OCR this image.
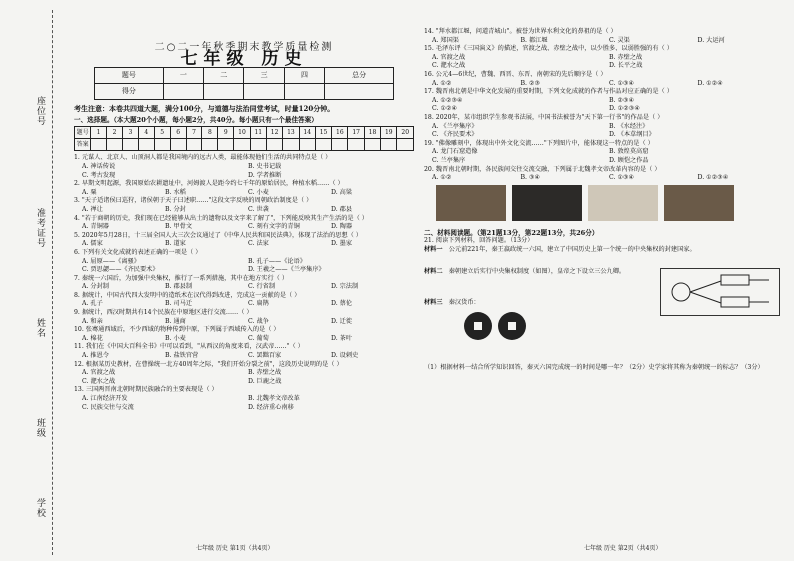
座位号
准考证号
姓名
班级
学校
二○二一年秋季期末教学质量检测
七年级 历史
题号	一	二	三	四	总分
得分					
考生注意：本卷共四道大题，满分100分，与道德与法治同堂考试，时量120分钟。
一、选择题。（本大题20个小题，每小题2分，共40分。每小题只有一个最佳答案）
题号	1	2	3	4	5	6	7	8	9	10	11	12	13	14	15	16	17	18	19	20
答案																				
1. 元谋人、北京人、山顶洞人都是我国境内的远古人类，最能体现他们生活的共同特点是（ ）
A. 神话传说	B. 史书记载
C. 考古发现	D. 学者推断
2. 早期文明起源，我国原始农耕遗址中，河姆渡人是距今约七千年的原始居民，种植水稻……（ ）
A. 粟	B. 水稻	C. 小麦	D. 高粱
3. "天子适诸侯曰巡狩，诸侯朝于天子曰述职……"这段文字反映的周朝政治制度是（ ）
A. 禅让	B. 分封	C. 世袭	D. 郡县
4. "若于商朝的历史，我们现在已经能够从出土的遗物以及文字来了解了"，下列能反映其生产生活的是（ ）
A. 青铜器	B. 甲骨文	C. 刻有文字的青铜	D. 陶器
5. 2020年5月28日，十三届全国人大三次会议通过了《中华人民共和国民法典》，体现了法治的思想（ ）
A. 儒家	B. 道家	C. 法家	D. 墨家
6. 下列有关文化成就的表述正确的一项是（ ）
A. 屈原——《离骚》	B. 孔子——《论语》
C. 贾思勰——《齐民要术》	D. 王羲之——《兰亭集序》
7. 秦统一六国后，为加强中央集权，推行了一系列措施，其中在地方实行（ ）
A. 分封制	B. 郡县制	C. 行省制	D. 宗法制
8. 据统计，中国古代四大发明中的造纸术在汉代得到改进，完成这一贡献的是（ ）
A. 孔子	B. 司马迁	C. 扁鹊	D. 蔡伦
9. 据统计，西汉时期共有14个民族在中原地区进行交流……（ ）
A. 和亲	B. 通商	C. 战争	D. 迁徙
10. 张骞通西域后，不少西域的物种传到中原，下列属于西域传入的是（ ）
A. 棉花	B. 小麦	C. 葡萄	D. 茶叶
11. 我们在《中国大百科全书》中可以看到，"从西汉的角度来看，汉武帝……"（ ）
A. 推恩令	B. 盐铁官营	C. 罢黜百家	D. 设刺史
12. 根据某历史教材，在曹操统一北方40周年之际，"我们开始分裂之前"，这段历史说明的是（ ）
A. 官渡之战	B. 赤壁之战
C. 淝水之战	D. 巨鹿之战
13. 三国两晋南北朝时期民族融合的主要表现是（ ）
A. 江南经济开发	B. 北魏孝文帝改革
C. 民族交往与交流	D. 经济重心南移
14. "拜水都江堰，问道青城山"。被誉为世界水利文化的鼻祖的是（ ）
A. 郑国渠	B. 都江堰	C. 灵渠	D. 大运河
15. 毛泽东评《三国演义》的描述，官渡之战、赤壁之战中，以少胜多、以弱胜强的有（ ）
A. 官渡之战	B. 赤壁之战
C. 淝水之战	D. 长平之战
16. 公元4—6世纪，曹魏、西晋、东晋、南朝宋的先后顺序是（ ）
A. ①②	B. ②③	C. ①③④	D. ①②④
17. 魏晋南北朝是中华文化发展的重要时期，下列文化成就的作者与作品对应正确的是（ ）
A. ①②③④	B. ②③④
C. ①②④	D. ①②③④
18. 2020年，某市组织学生参观书法展，中国书法被誉为"天下第一行书"的作品是（ ）
A. 《兰亭集序》	B. 《水经注》
C. 《齐民要术》	D. 《本草纲目》
19. "佛像雕刻中，体现出中外文化交流……"下列图片中，能体现这一特点的是（ ）
A. 龙门石窟造像	B. 敦煌莫高窟
C. 兰亭集序	D. 顾恺之作品
20. 魏晋南北朝时期，各民族间交往交流交融，下列属于北魏孝文帝改革内容的是（ ）
A. ①②	B. ③④	C. ①③④	D. ①②③④
二、材料阅读题。（第21题13分，第22题13分，共26分）
21. 阅读下列材料，回答问题。（13分）
材料一　 公元前221年，秦王嬴政统一六国，建立了中国历史上第一个统一的中央集权的封建国家。
材料二　 秦朝建立后实行中央集权制度（如图），皇帝之下设立三公九卿。
材料三　 秦汉货币：

（1）根据材料一结合所学知识回答，秦灭六国完成统一的时间是哪一年？（2分）史学家将其称为秦朝统一的标志？（3分）
七年级 历史 第1页（共4页）	七年级 历史 第2页（共4页）
